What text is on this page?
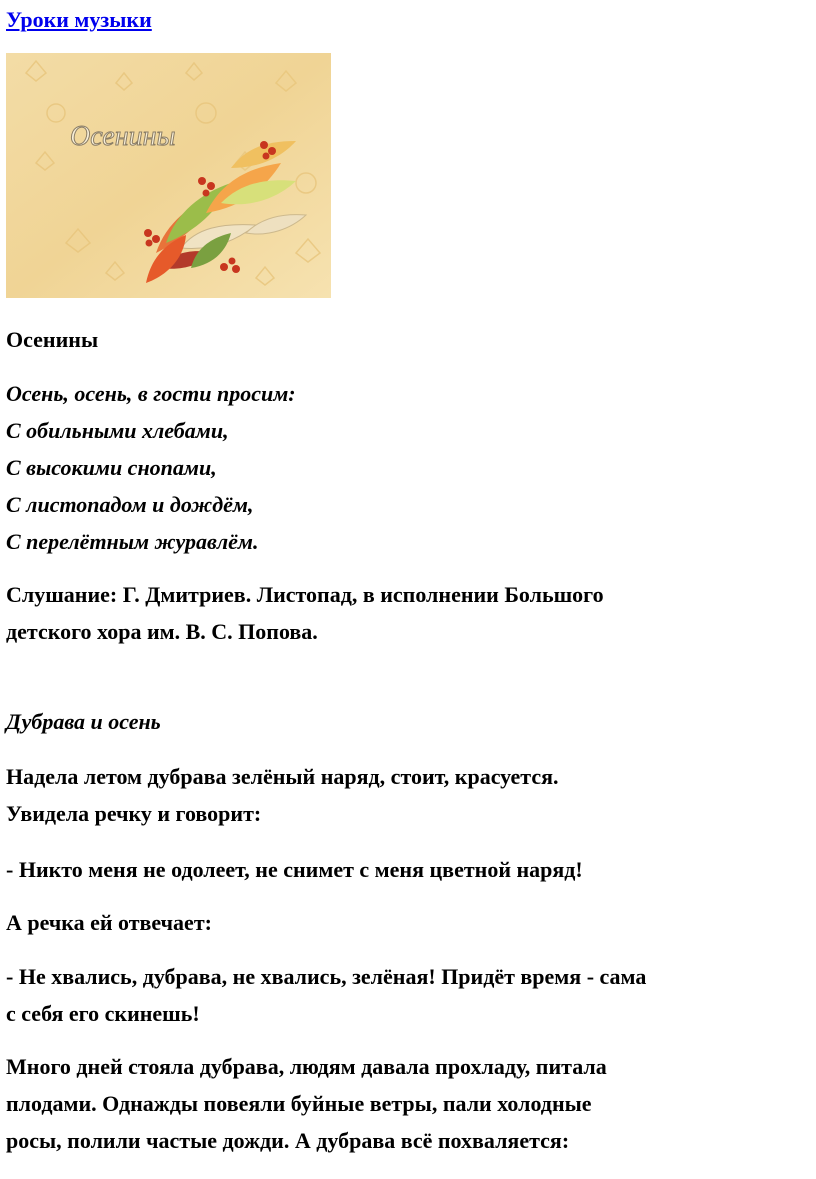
Уроки музыки
Осенины

Осенины

Осень, осень, в гости просим:

С обильными хлебами,

С высокими снопами,

С листопадом и дождём,

С перелётным журавлём.

Слушание: Г. Дмитриев. Листопад, в исполнении Большого

детского хора им. В. С. Попова.

Дубрава и осень

Надела летом дубрава зелёный наряд, стоит, красуется.

Увидела речку и говорит:

- Никто меня не одолеет, не снимет с меня цветной наряд!

А речка ей отвечает:

- Не хвались, дубрава, не хвались, зелёная! Придёт время - сама

с себя его скинешь!

Много дней стояла дубрава, людям давала прохладу, питала

плодами. Однажды повеяли буйные ветры, пали холодные

росы, полили частые дожди. А дубрава всё похваляется:
